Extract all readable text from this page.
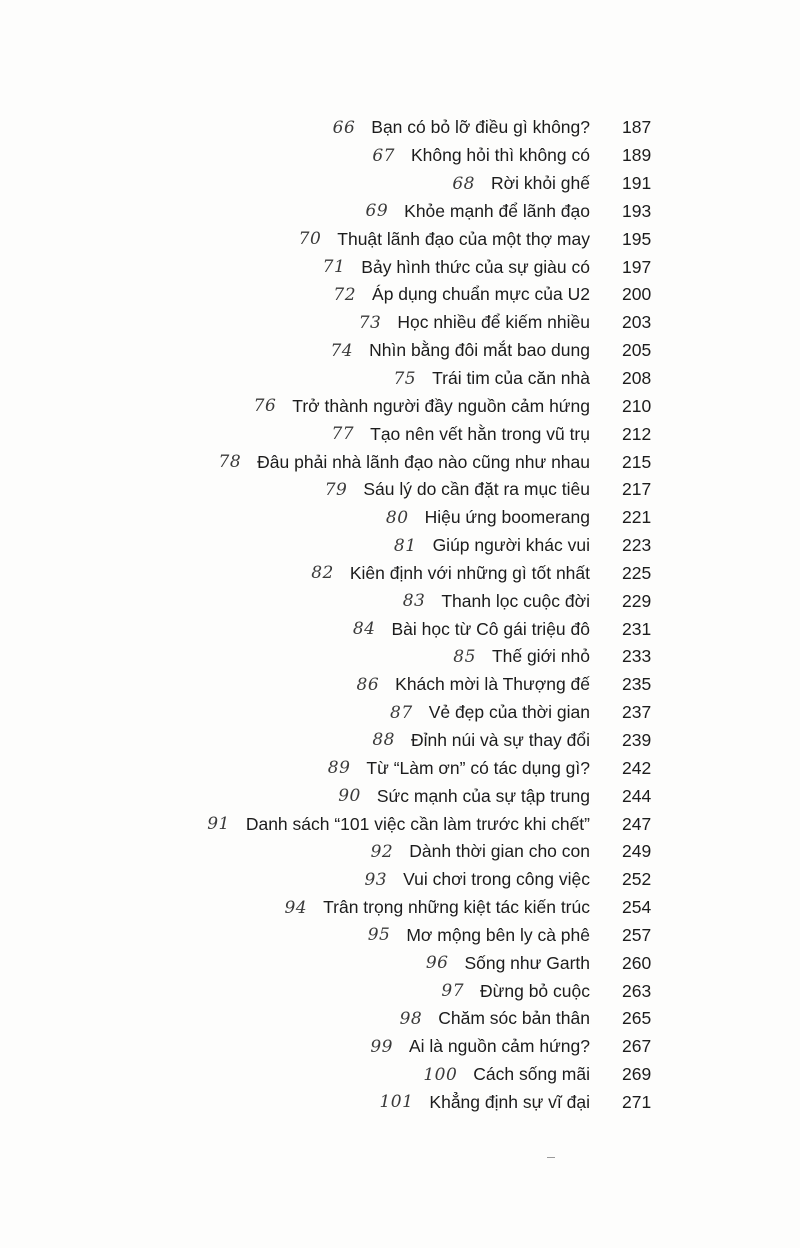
66 Bạn có bỏ lỡ điều gì không? 187
67 Không hỏi thì không có 189
68 Rời khỏi ghế 191
69 Khỏe mạnh để lãnh đạo 193
70 Thuật lãnh đạo của một thợ may 195
71 Bảy hình thức của sự giàu có 197
72 Áp dụng chuẩn mực của U2 200
73 Học nhiều để kiếm nhiều 203
74 Nhìn bằng đôi mắt bao dung 205
75 Trái tim của căn nhà 208
76 Trở thành người đầy nguồn cảm hứng 210
77 Tạo nên vết hằn trong vũ trụ 212
78 Đâu phải nhà lãnh đạo nào cũng như nhau 215
79 Sáu lý do cần đặt ra mục tiêu 217
80 Hiệu ứng boomerang 221
81 Giúp người khác vui 223
82 Kiên định với những gì tốt nhất 225
83 Thanh lọc cuộc đời 229
84 Bài học từ Cô gái triệu đô 231
85 Thế giới nhỏ 233
86 Khách mời là Thượng đế 235
87 Vẻ đẹp của thời gian 237
88 Đỉnh núi và sự thay đổi 239
89 Từ “Làm ơn” có tác dụng gì? 242
90 Sức mạnh của sự tập trung 244
91 Danh sách “101 việc cần làm trước khi chết” 247
92 Dành thời gian cho con 249
93 Vui chơi trong công việc 252
94 Trân trọng những kiệt tác kiến trúc 254
95 Mơ mộng bên ly cà phê 257
96 Sống như Garth 260
97 Đừng bỏ cuộc 263
98 Chăm sóc bản thân 265
99 Ai là nguồn cảm hứng? 267
100 Cách sống mãi 269
101 Khẳng định sự vĩ đại 271
